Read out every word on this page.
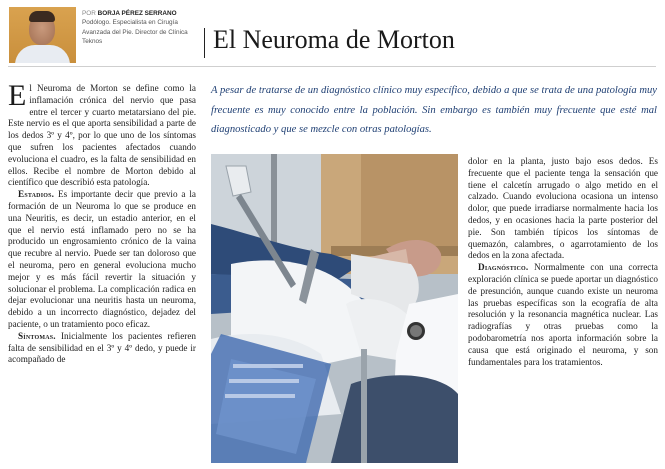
POR BORJA PÉREZ SERRANO
Podólogo. Especialista en Cirugía Avanzada del Pie. Director de Clínica Teknos	El Neuroma de Morton

El Neuroma de Morton se define como la inflamación crónica del nervio que pasa entre el tercer y cuarto metatarsiano del pie. Este nervio es el que aporta sensibilidad a parte de los dedos 3º y 4º, por lo que uno de los síntomas que sufren los pacientes afectados cuando evoluciona el cuadro, es la falta de sensibilidad en ellos. Recibe el nombre de Morton debido al científico que describió esta patología.

Estadios. Es importante decir que previo a la formación de un Neuroma lo que se produce en una Neuritis, es decir, un estadio anterior, en el que el nervio está inflamado pero no se ha producido un engrosamiento crónico de la vaina que recubre al nervio. Puede ser tan doloroso que el neuroma, pero en general evoluciona mucho mejor y es más fácil revertir la situación y solucionar el problema. La complicación radica en dejar evolucionar una neuritis hasta un neuroma, debido a un incorrecto diagnóstico, dejadez del paciente, o un tratamiento poco eficaz.

Síntomas. Inicialmente los pacientes refieren falta de sensibilidad en el 3º y 4º dedo, y puede ir acompañado de

A pesar de tratarse de un diagnóstico clínico muy específico, debido a que se trata de una patología muy frecuente es muy conocido entre la población. Sin embargo es también muy frecuente que esté mal diagnosticado y que se mezcle con otras patologías.

dolor en la planta, justo bajo esos dedos. Es frecuente que el paciente tenga la sensación que tiene el calcetín arrugado o algo metido en el calzado. Cuando evoluciona ocasiona un intenso dolor, que puede irradiarse normalmente hacia los dedos, y en ocasiones hacia la parte posterior del pie. Son también típicos los síntomas de quemazón, calambres, o agarrotamiento de los dedos en la zona afectada.

Diagnóstico. Normalmente con una correcta exploración clínica se puede aportar un diagnóstico de presunción, aunque cuando existe un neuroma las pruebas específicas son la ecografía de alta resolución y la resonancia magnética nuclear. Las radiografías y otras pruebas como la podobarometría nos aporta información sobre la causa que está originado el neuroma, y son fundamentales para los tratamientos.
